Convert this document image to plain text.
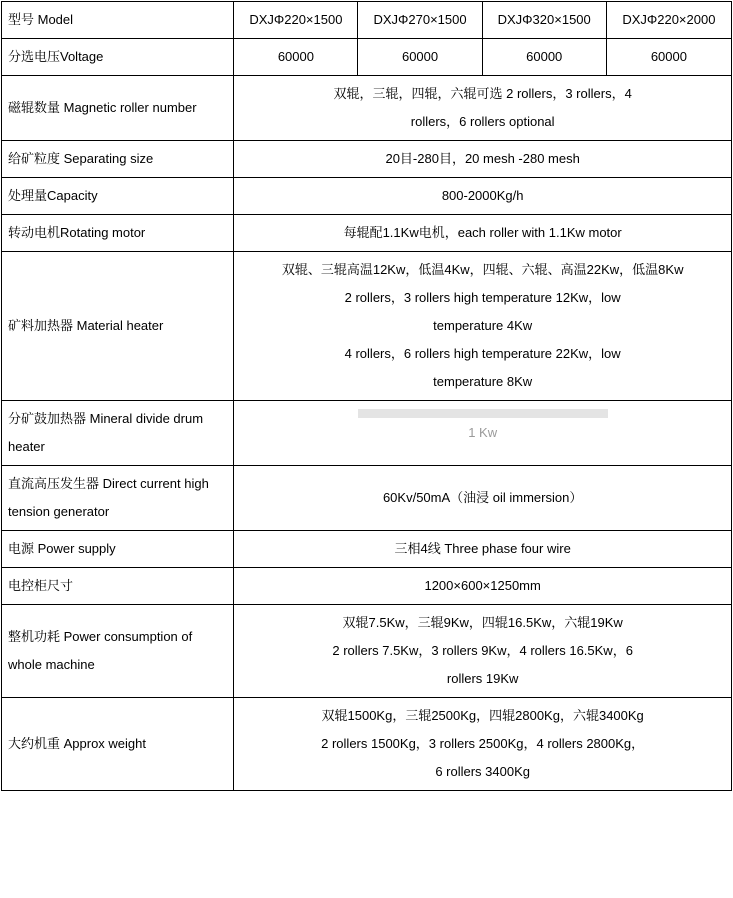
型号 Model	DXJΦ220×1500	DXJΦ270×1500	DXJΦ320×1500	DXJΦ220×2000
分选电压Voltage	60000	60000	60000	60000
磁辊数量 Magnetic roller number	双辊，三辊，四辊，六辊可选 2 rollers，3 rollers，4
rollers，6 rollers optional			

给矿粒度 Separating size	20目-280目，20 mesh -280 mesh			

处理量Capacity	800-2000Kg/h			

转动电机Rotating motor	每辊配1.1Kw电机，each roller with 1.1Kw motor			

矿料加热器 Material heater	双辊、三辊高温12Kw，低温4Kw，四辊、六辊、高温22Kw，低温8Kw
2 rollers，3 rollers high temperature 12Kw，low
temperature 4Kw
4 rollers，6 rollers high temperature 22Kw，low
temperature 8Kw			

分矿鼓加热器 Mineral divide drum heater	1 Kw			

直流高压发生器 Direct current high tension generator	60Kv/50mA（油浸 oil immersion）			

电源 Power supply	三相4线 Three phase four wire			

电控柜尺寸	1200×600×1250mm			

整机功耗 Power consumption of whole machine	双辊7.5Kw，三辊9Kw，四辊16.5Kw，六辊19Kw
2 rollers 7.5Kw，3 rollers 9Kw，4 rollers 16.5Kw，6
rollers 19Kw			

大约机重 Approx weight	双辊1500Kg，三辊2500Kg，四辊2800Kg，六辊3400Kg
2 rollers 1500Kg，3 rollers 2500Kg，4 rollers 2800Kg，
6 rollers 3400Kg			
